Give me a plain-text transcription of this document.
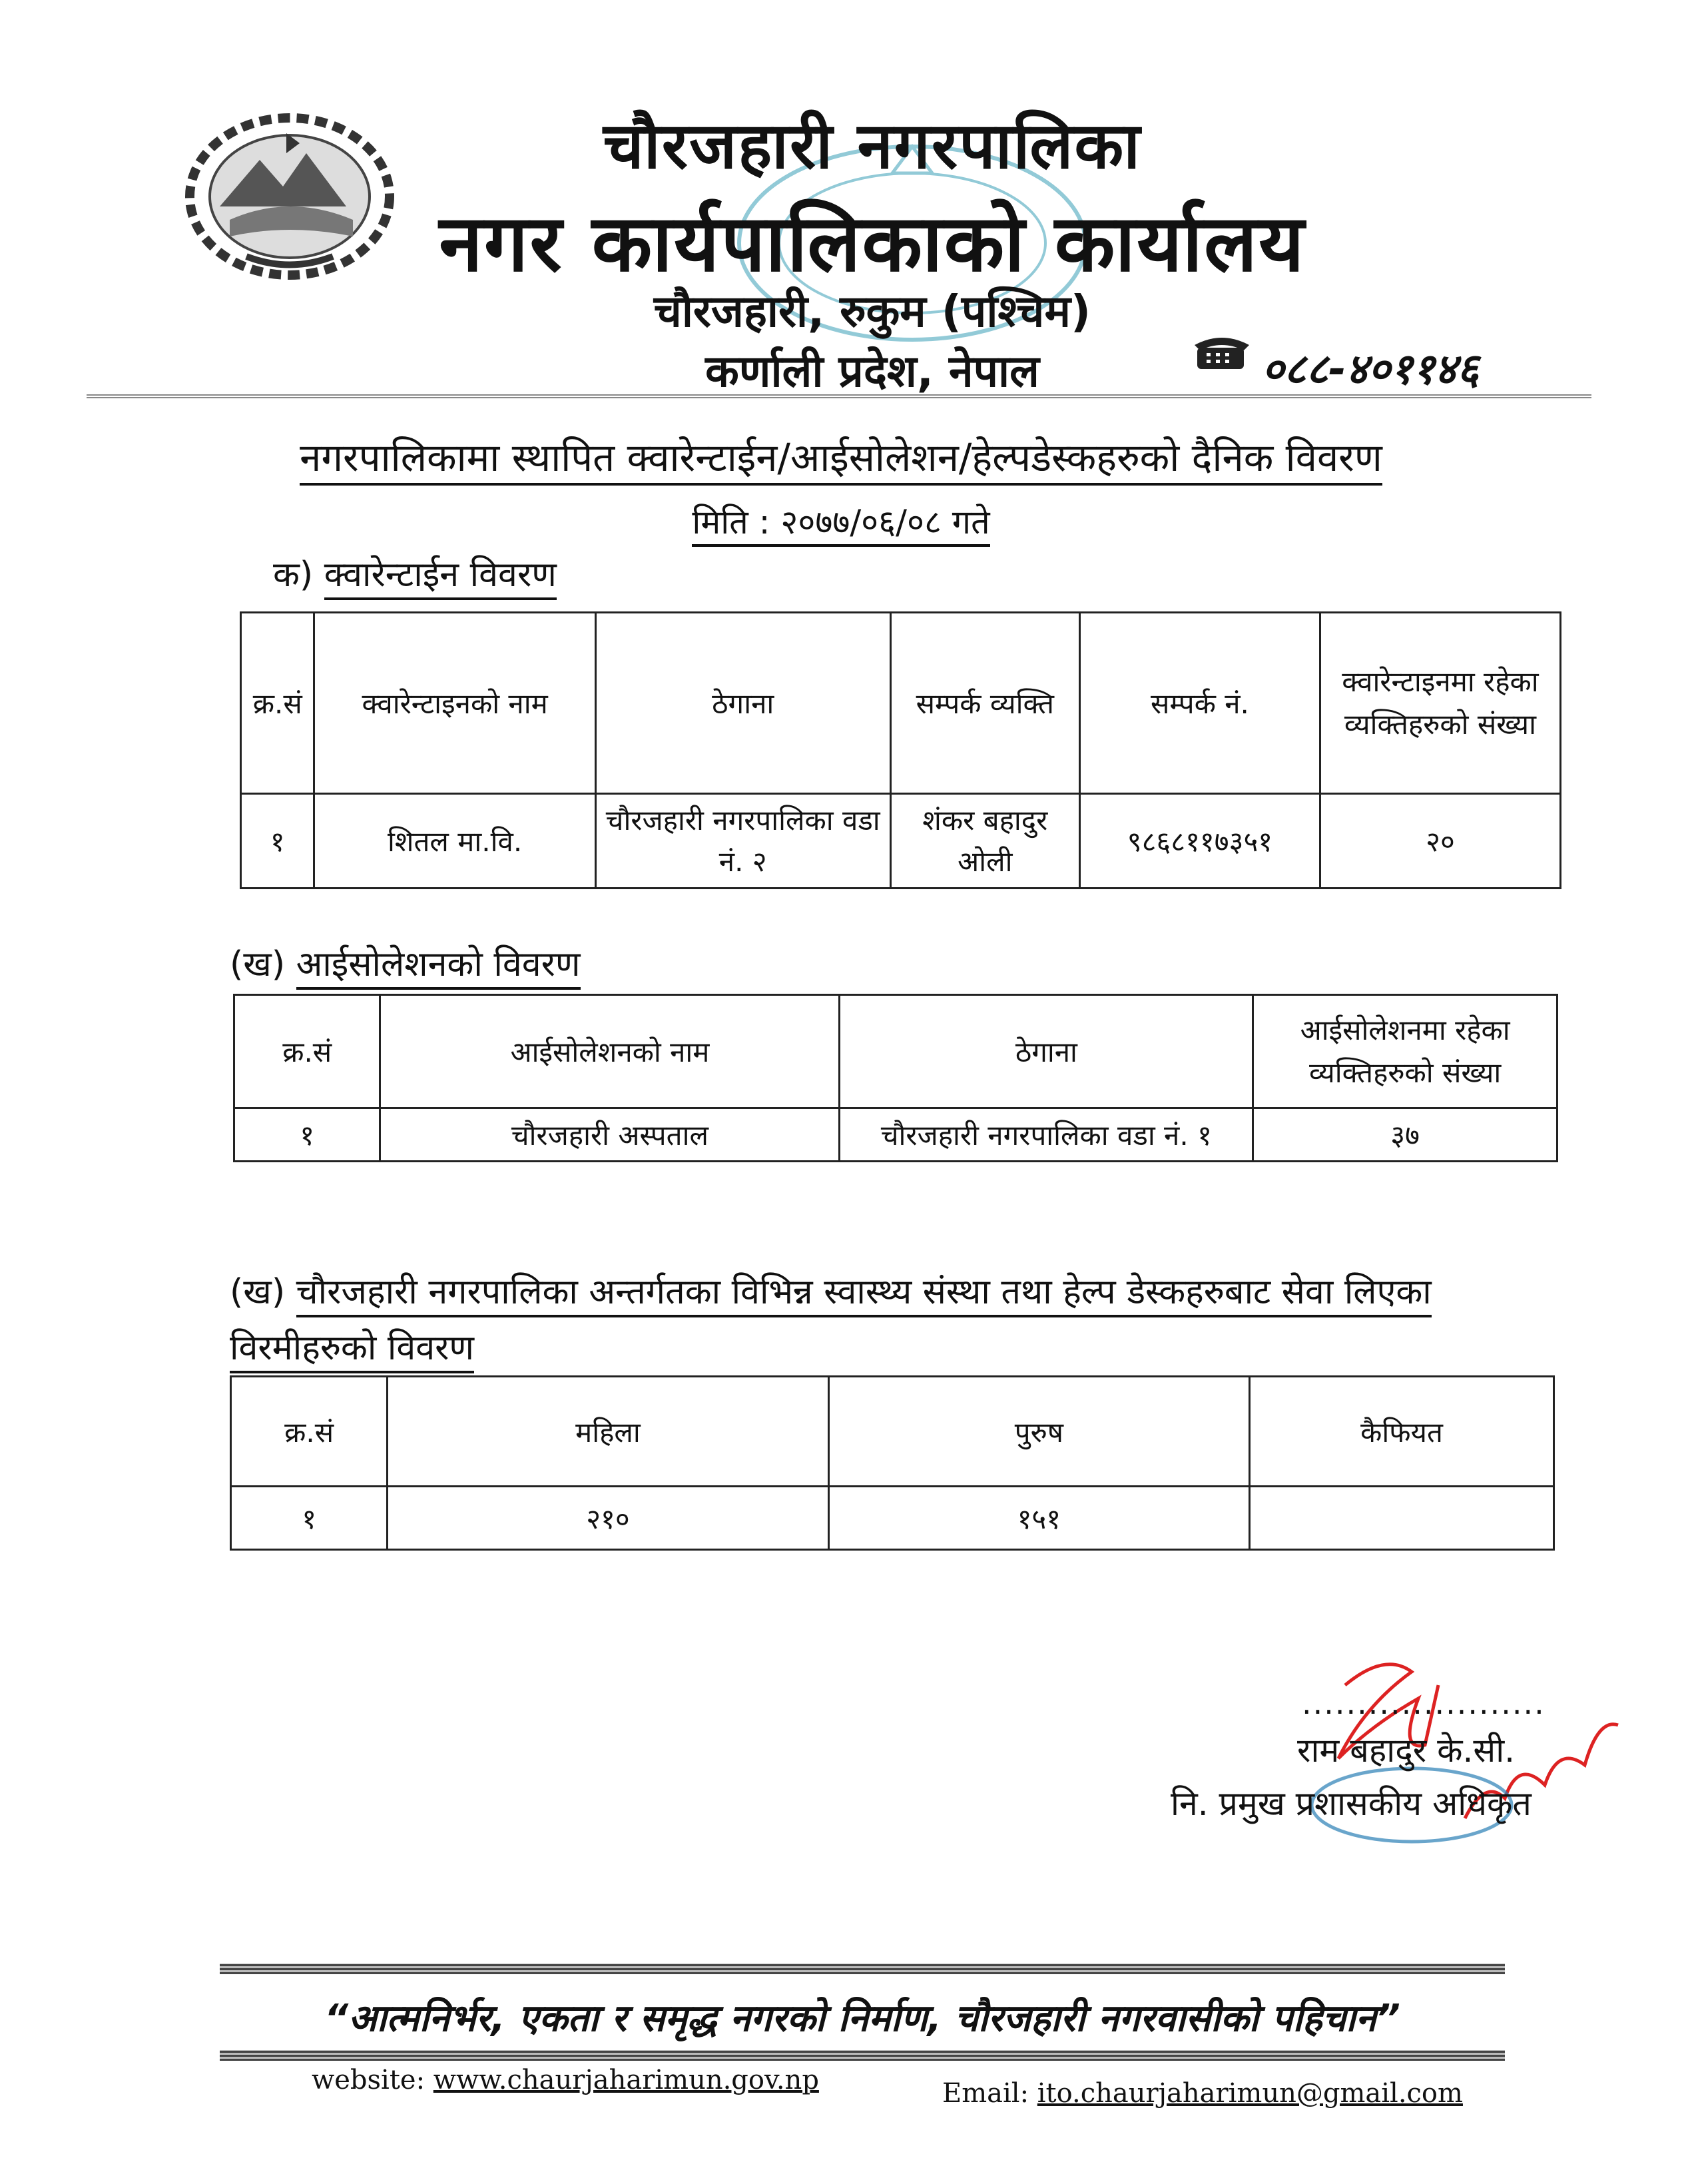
चौरजहारी नगरपालिका
नगर कार्यपालिकाको कार्यालय
चौरजहारी, रुकुम (पश्चिम)
कर्णाली प्रदेश, नेपाल	०८८-४०११४६
नगरपालिकामा स्थापित क्वारेन्टाईन/आईसोलेशन/हेल्पडेस्कहरुको दैनिक विवरण
मिति : २०७७/०६/०८ गते
क) क्वारेन्टाईन विवरण
क्र.सं	क्वारेन्टाइनको नाम	ठेगाना	सम्पर्क व्यक्ति	सम्पर्क नं.	क्वारेन्टाइनमा रहेका व्यक्तिहरुको संख्या
१	शितल मा.वि.	चौरजहारी नगरपालिका वडा नं. २	शंकर बहादुर ओली	९८६८११७३५१	२०
(ख) आईसोलेशनको विवरण
क्र.सं	आईसोलेशनको नाम	ठेगाना	आईसोलेशनमा रहेका व्यक्तिहरुको संख्या
१	चौरजहारी अस्पताल	चौरजहारी नगरपालिका वडा नं. १	३७
(ख) चौरजहारी नगरपालिका अन्तर्गतका विभिन्न स्वास्थ्य संस्था तथा हेल्प डेस्कहरुबाट सेवा लिएका
विरमीहरुको विवरण
क्र.सं	महिला	पुरुष	कैफियत
१	२१०	१५१	
......................
राम बहादुर के.सी.
नि. प्रमुख प्रशासकीय अधिकृत
“आत्मनिर्भर, एकता र समृद्ध नगरको निर्माण, चौरजहारी नगरवासीको पहिचान”
website: www.chaurjaharimun.gov.np	Email: ito.chaurjaharimun@gmail.com
